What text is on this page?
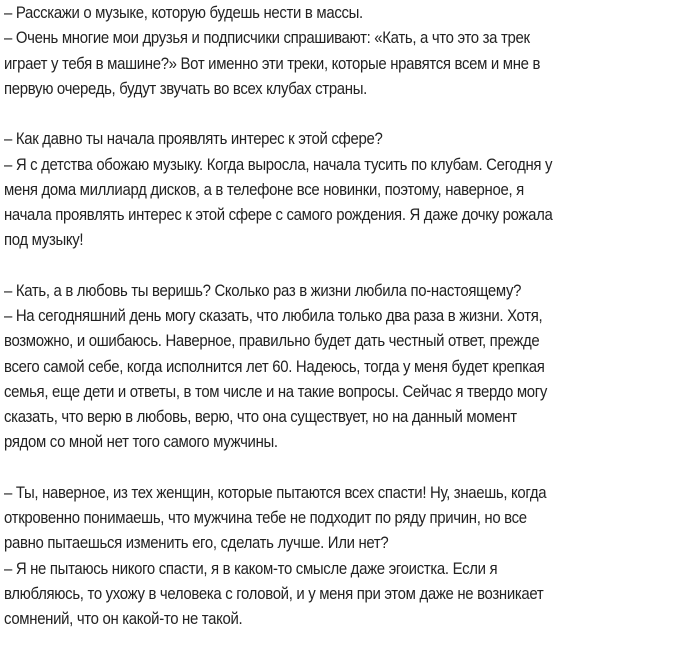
– Расскажи о музыке, которую будешь нести в массы.
– Очень многие мои друзья и подписчики спрашивают: «Кать, а что это за трек
играет у тебя в машине?» Вот именно эти треки, которые нравятся всем и мне в
первую очередь, будут звучать во всех клубах страны.
– Как давно ты начала проявлять интерес к этой сфере?
– Я с детства обожаю музыку. Когда выросла, начала тусить по клубам. Сегодня у
меня дома миллиард дисков, а в телефоне все новинки, поэтому, наверное, я
начала проявлять интерес к этой сфере с самого рождения. Я даже дочку рожала
под музыку!
– Кать, а в любовь ты веришь? Сколько раз в жизни любила по-настоящему?
– На сегодняшний день могу сказать, что любила только два раза в жизни. Хотя,
возможно, и ошибаюсь. Наверное, правильно будет дать честный ответ, прежде
всего самой себе, когда исполнится лет 60. Надеюсь, тогда у меня будет крепкая
семья, еще дети и ответы, в том числе и на такие вопросы. Сейчас я твердо могу
сказать, что верю в любовь, верю, что она существует, но на данный момент
рядом со мной нет того самого мужчины.
– Ты, наверное, из тех женщин, которые пытаются всех спасти! Ну, знаешь, когда
откровенно понимаешь, что мужчина тебе не подходит по ряду причин, но все
равно пытаешься изменить его, сделать лучше. Или нет?
– Я не пытаюсь никого спасти, я в каком-то смысле даже эгоистка. Если я
влюбляюсь, то ухожу в человека с головой, и у меня при этом даже не возникает
сомнений, что он какой-то не такой.
